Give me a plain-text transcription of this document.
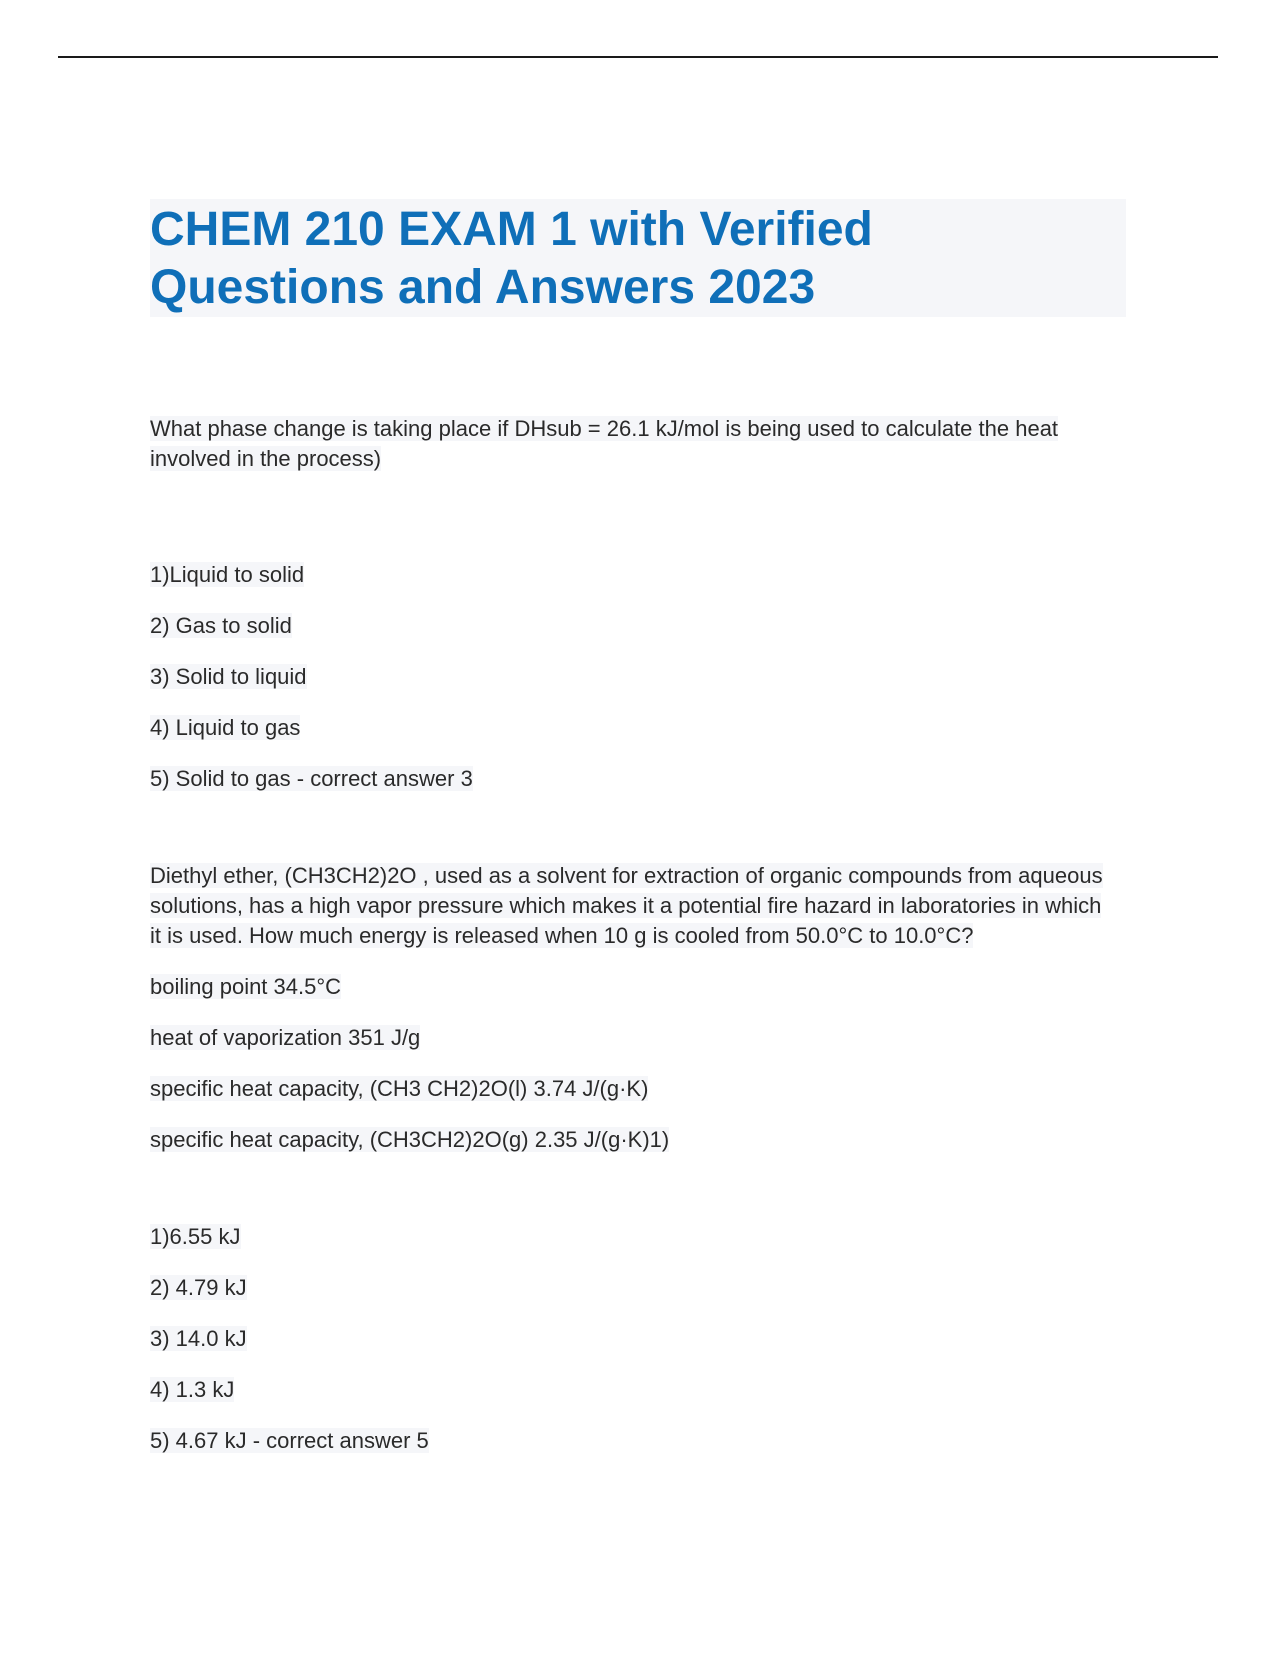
CHEM 210 EXAM 1 with Verified
Questions and Answers 2023
What phase change is taking place if DHsub = 26.1 kJ/mol is being used to calculate the heat involved in the process)
1)Liquid to solid
2) Gas to solid
3) Solid to liquid
4) Liquid to gas
5) Solid to gas - correct answer 3
Diethyl ether, (CH3CH2)2O , used as a solvent for extraction of organic compounds from aqueous solutions, has a high vapor pressure which makes it a potential fire hazard in laboratories in which it is used. How much energy is released when 10 g is cooled from 50.0°C to 10.0°C?
boiling point 34.5°C
heat of vaporization 351 J/g
specific heat capacity, (CH3 CH2)2O(l) 3.74 J/(g·K)
specific heat capacity, (CH3CH2)2O(g) 2.35 J/(g·K)1)
1)6.55 kJ
2) 4.79 kJ
3) 14.0 kJ
4) 1.3 kJ
5) 4.67 kJ - correct answer 5
